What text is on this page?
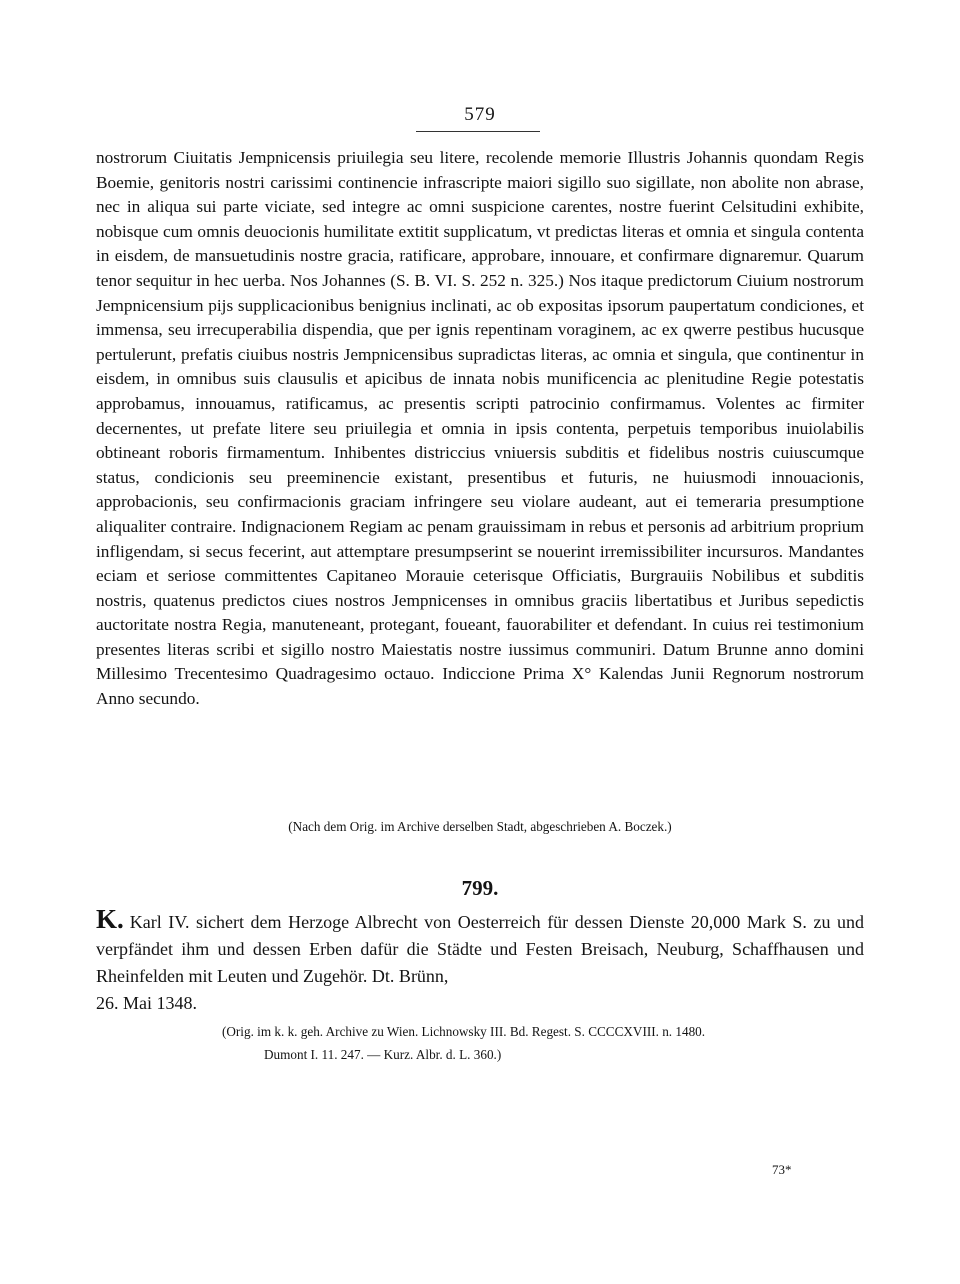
579

nostrorum Ciuitatis Jempnicensis priuilegia seu litere, recolende memorie Illustris Johannis quondam Regis Boemie, genitoris nostri carissimi continencie infrascripte maiori sigillo suo sigillate, non abolite non abrase, nec in aliqua sui parte viciate, sed integre ac omni suspicione carentes, nostre fuerint Celsitudini exhibite, nobisque cum omnis deuocionis humilitate extitit supplicatum, vt predictas literas et omnia et singula contenta in eisdem, de mansuetudinis nostre gracia, ratificare, approbare, innouare, et confirmare dignaremur. Quarum tenor sequitur in hec uerba. Nos Johannes (S. B. VI. S. 252 n. 325.) Nos itaque predictorum Ciuium nostrorum Jempnicensium pijs supplicacionibus benignius inclinati, ac ob expositas ipsorum paupertatum condiciones, et immensa, seu irrecuperabilia dispendia, que per ignis repentinam voraginem, ac ex qwerre pestibus hucusque pertulerunt, prefatis ciuibus nostris Jempnicensibus supradictas literas, ac omnia et singula, que continentur in eisdem, in omnibus suis clausulis et apicibus de innata nobis munificencia ac plenitudine Regie potestatis approbamus, innouamus, ratificamus, ac presentis scripti patrocinio confirmamus. Volentes ac firmiter decernentes, ut prefate litere seu priuilegia et omnia in ipsis contenta, perpetuis temporibus inuiolabilis obtineant roboris firmamentum. Inhibentes districcius vniuersis subditis et fidelibus nostris cuiuscumque status, condicionis seu preeminencie existant, presentibus et futuris, ne huiusmodi innouacionis, approbacionis, seu confirmacionis graciam infringere seu violare audeant, aut ei temeraria presumptione aliqualiter contraire. Indignacionem Regiam ac penam grauissimam in rebus et personis ad arbitrium proprium infligendam, si secus fecerint, aut attemptare presumpserint se nouerint irremissibiliter incursuros. Mandantes eciam et seriose committentes Capitaneo Morauie ceterisque Officiatis, Burgrauiis Nobilibus et subditis nostris, quatenus predictos ciues nostros Jempnicenses in omnibus graciis libertatibus et Juribus sepedictis auctoritate nostra Regia, manuteneant, protegant, foueant, fauorabiliter et defendant. In cuius rei testimonium presentes literas scribi et sigillo nostro Maiestatis nostre iussimus communiri. Datum Brunne anno domini Millesimo Trecentesimo Quadragesimo octauo. Indiccione Prima X° Kalendas Junii Regnorum nostrorum Anno secundo.

(Nach dem Orig. im Archive derselben Stadt, abgeschrieben A. Boczek.)

799.

K. Karl IV. sichert dem Herzoge Albrecht von Oesterreich für dessen Dienste 20,000 Mark S. zu und verpfändet ihm und dessen Erben dafür die Städte und Festen Breisach, Neuburg, Schaffhausen und Rheinfelden mit Leuten und Zugehör. Dt. Brünn,
26. Mai 1348.

(Orig. im k. k. geh. Archive zu Wien. Lichnowsky III. Bd. Regest. S. CCCCXVIII. n. 1480.
Dumont I. 11. 247. — Kurz. Albr. d. L. 360.)

73*
